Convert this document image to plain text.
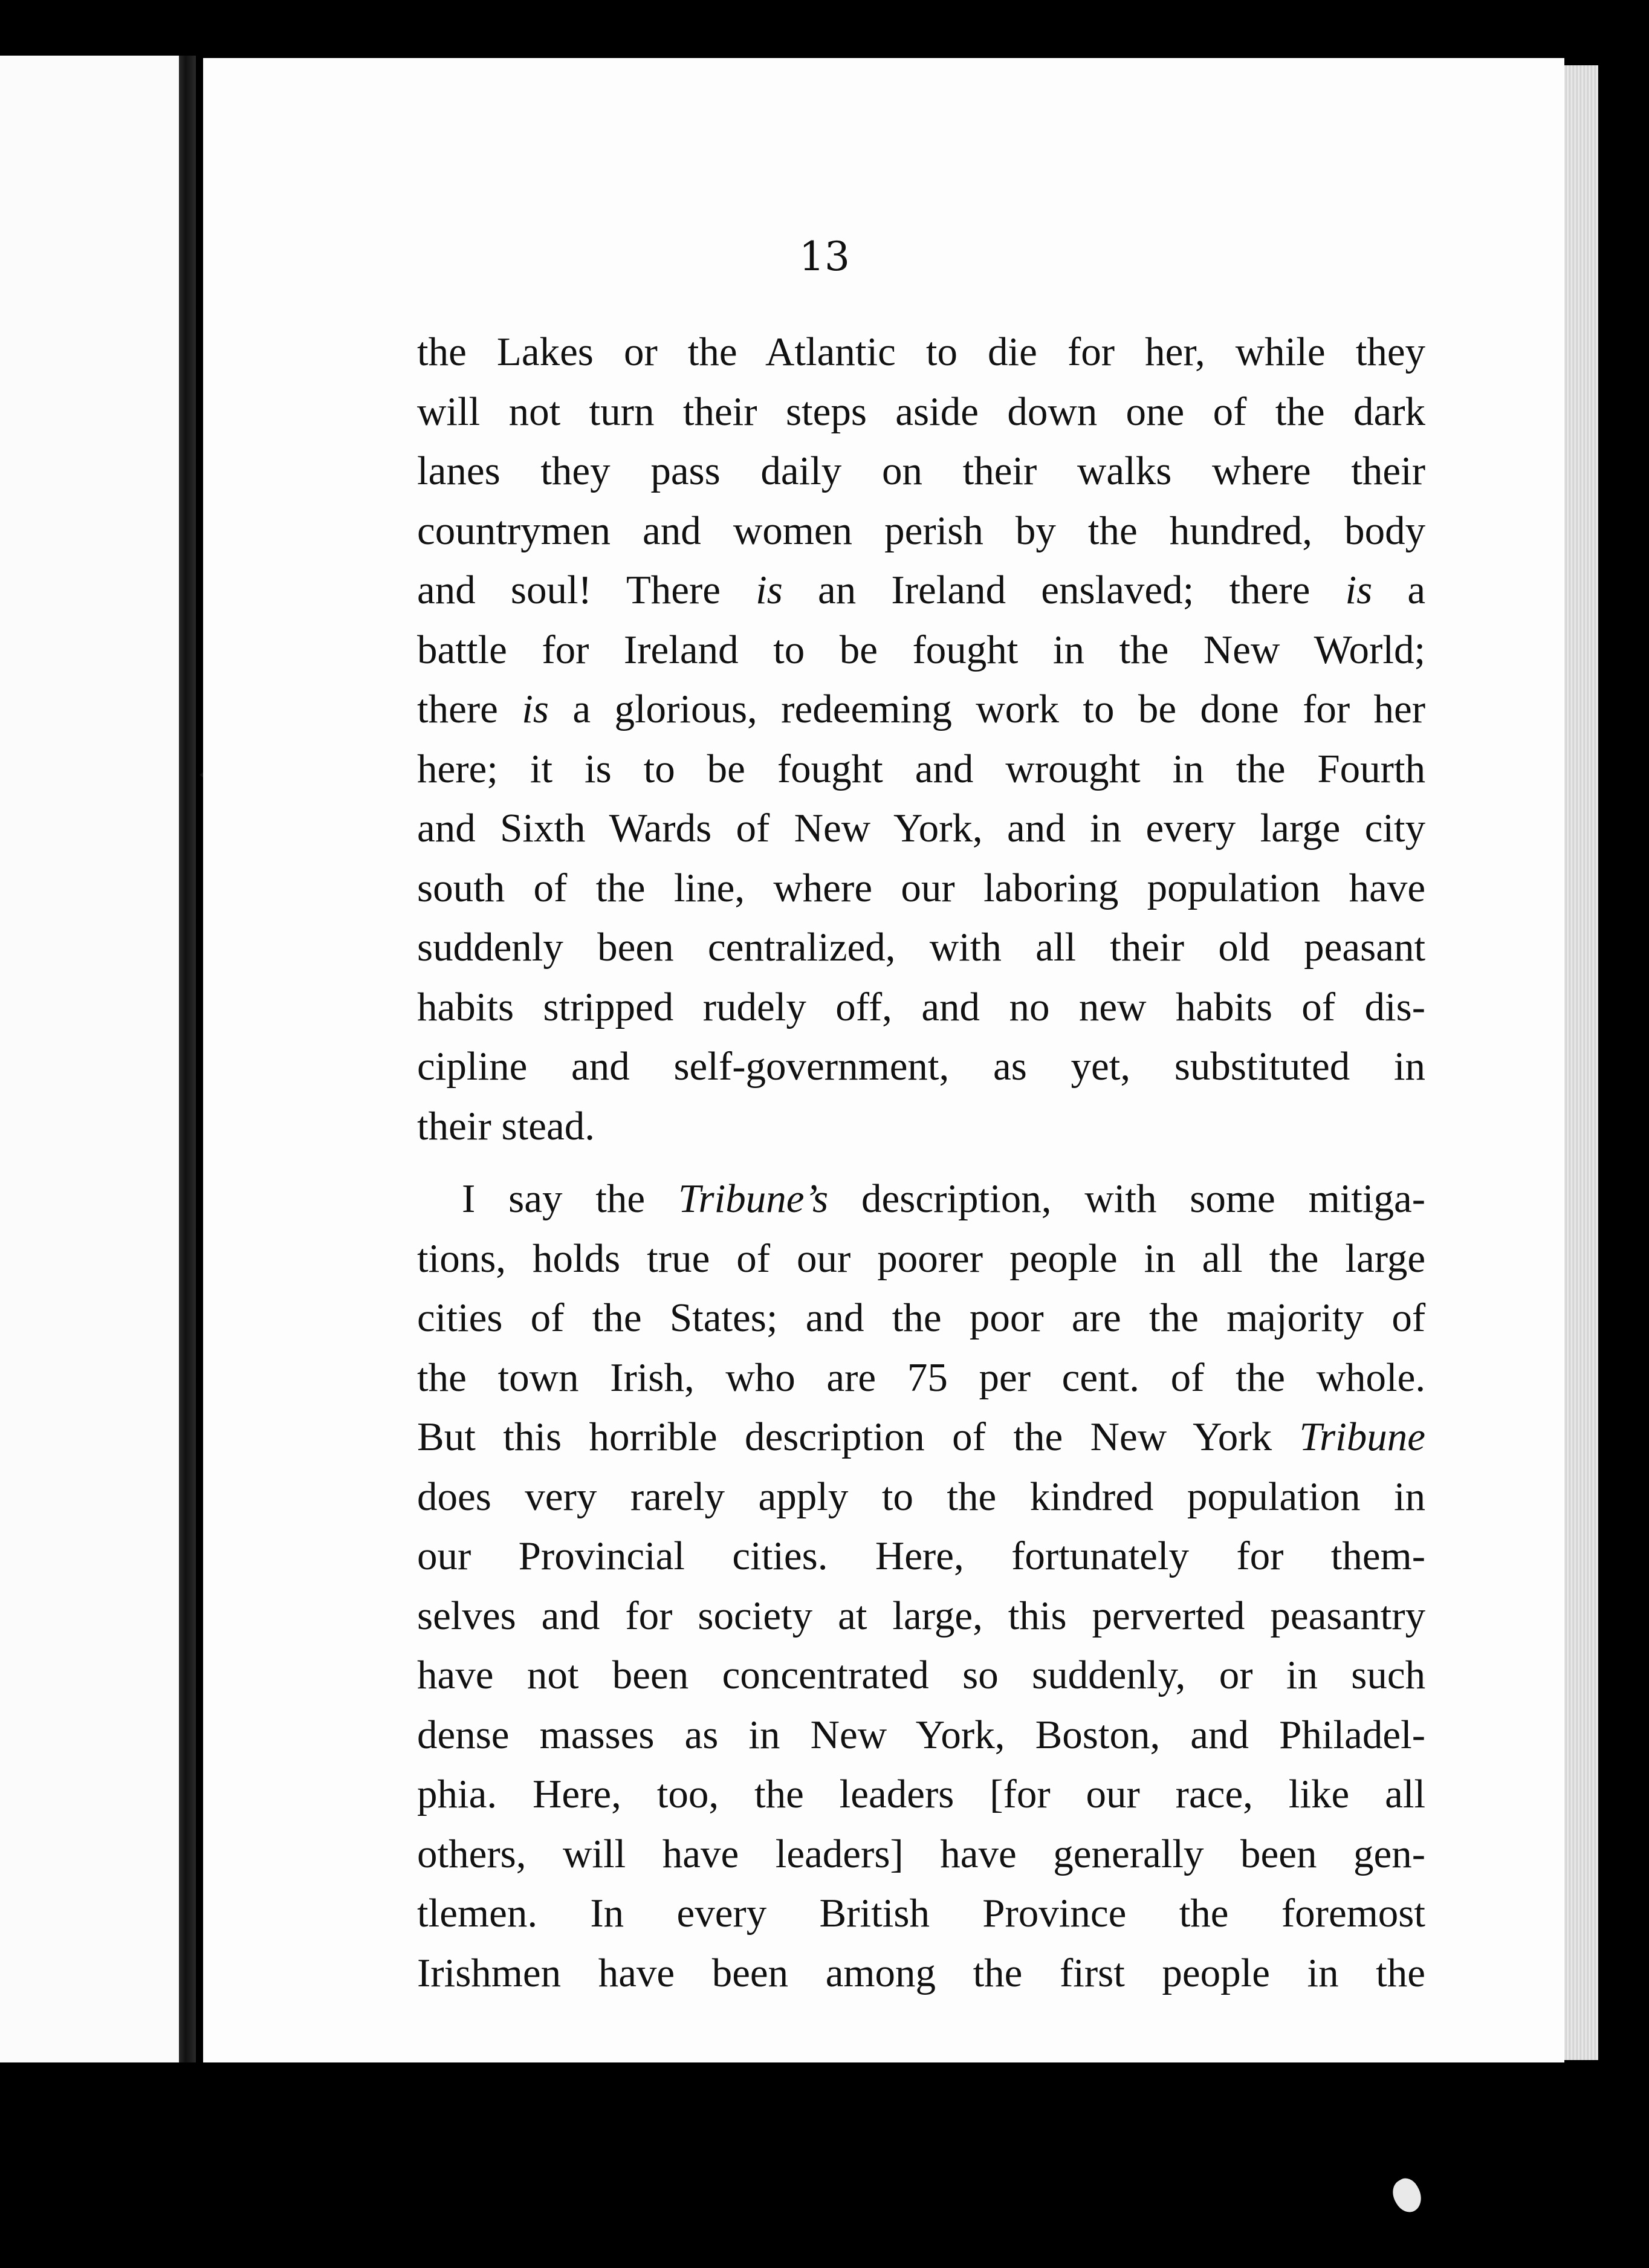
13
the Lakes or the Atlantic to die for her, while they
will not turn their steps aside down one of the dark
lanes they pass daily on their walks where their
countrymen and women perish by the hundred, body
and soul! There is an Ireland enslaved; there is a
battle for Ireland to be fought in the New World;
there is a glorious, redeeming work to be done for her
here; it is to be fought and wrought in the Fourth
and Sixth Wards of New York, and in every large city
south of the line, where our laboring population have
suddenly been centralized, with all their old peasant
habits stripped rudely off, and no new habits of dis-
cipline and self-government, as yet, substituted in
their stead.
I say the Tribune’s description, with some mitiga-
tions, holds true of our poorer people in all the large
cities of the States; and the poor are the majority of
the town Irish, who are 75 per cent. of the whole.
But this horrible description of the New York Tribune
does very rarely apply to the kindred population in
our Provincial cities. Here, fortunately for them-
selves and for society at large, this perverted peasantry
have not been concentrated so suddenly, or in such
dense masses as in New York, Boston, and Philadel-
phia. Here, too, the leaders [for our race, like all
others, will have leaders] have generally been gen-
tlemen. In every British Province the foremost
Irishmen have been among the first people in the
